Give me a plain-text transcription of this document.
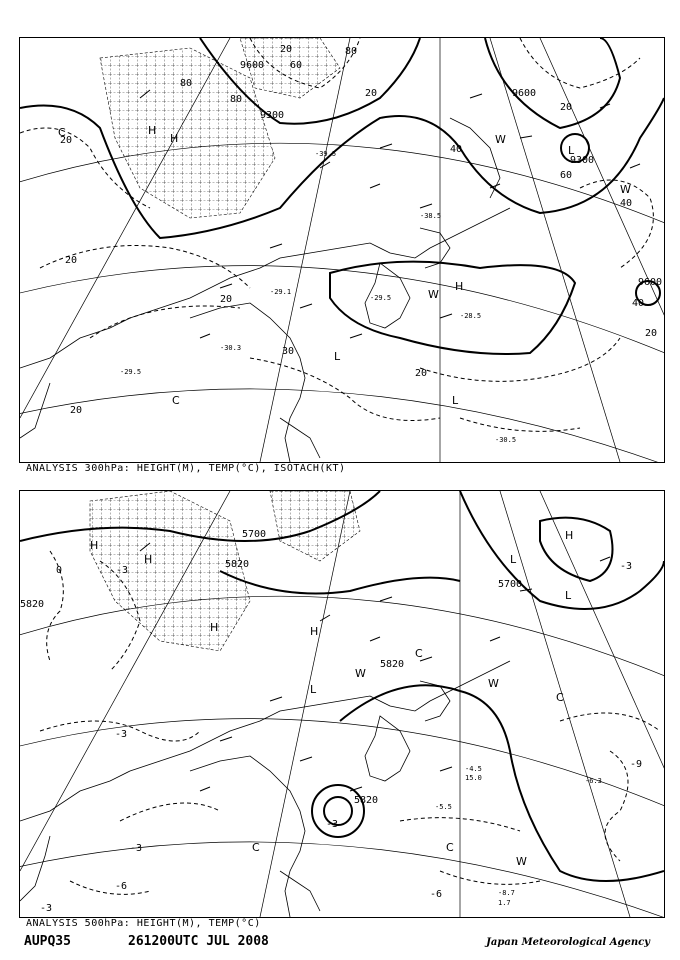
9300
9300
9600
9600
9600
20
20
20
20
20
20
30
40
40
60
60
80
80
80
40
20
20
20
-30.5
-39.5
-38.5
-28.5
-29.5
-29.1
-30.3
-29.5
H
H
W
H
W
L
L
C
C
L
W
ANALYSIS 300hPa: HEIGHT(M), TEMP(°C), ISOTACH(KT)
5700
5700
5820
5820
5820
5820
0	-3
-3
-3
-3
-3
-3
-6
-6
-9
-8.7
1.7
-4.5
15.0	-6.3
-5.5
H
H
H
H
L
L
L
W
W
W
C
C
C	C
H
ANALYSIS 500hPa: HEIGHT(M), TEMP(°C)
AUPQ35	261200UTC JUL 2008	Japan Meteorological Agency
